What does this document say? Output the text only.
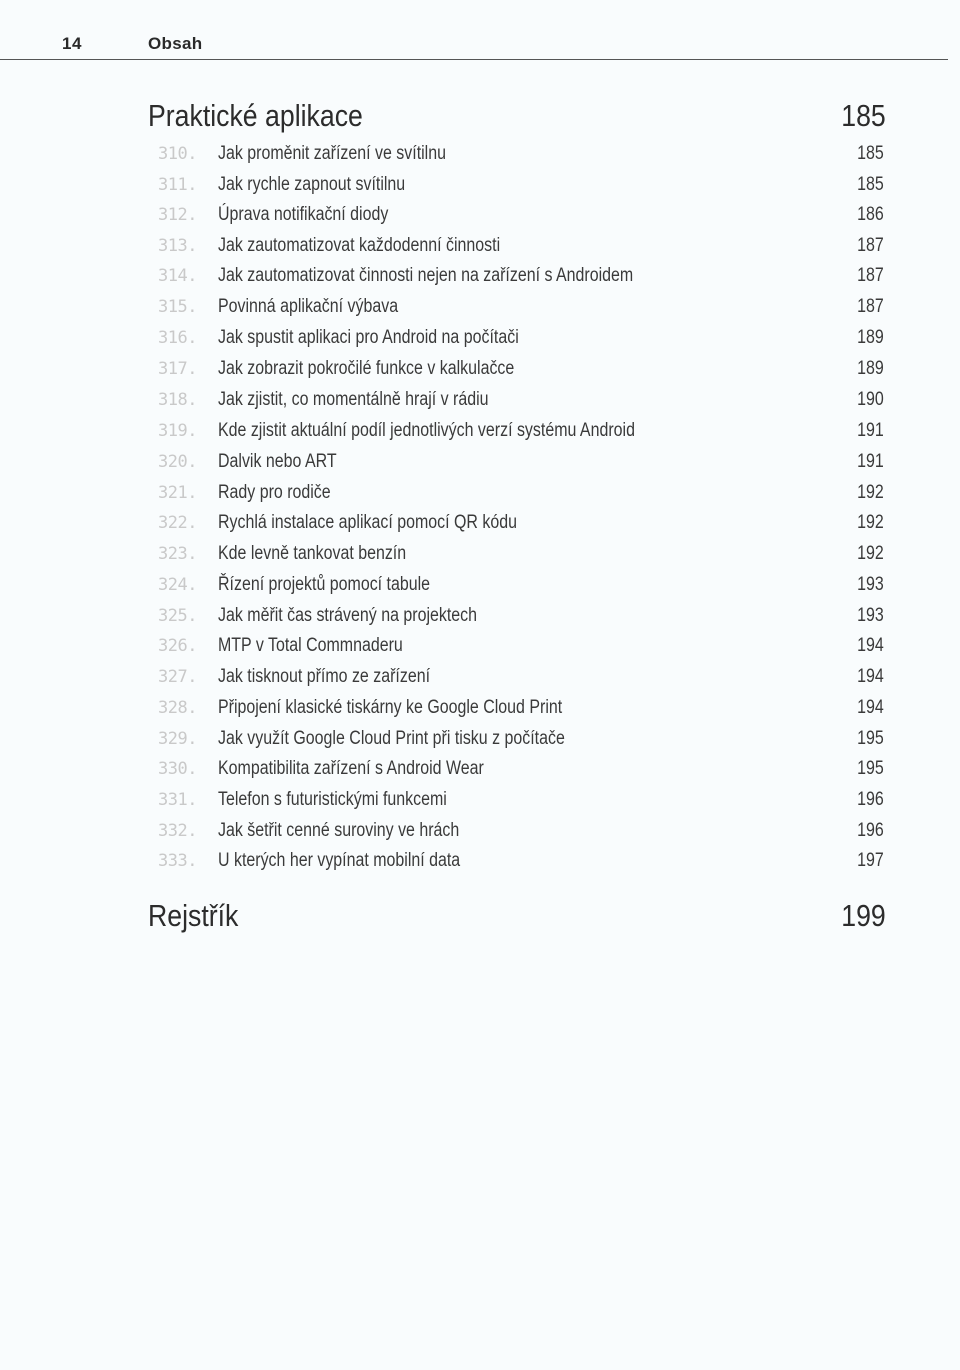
14	Obsah
Praktické aplikace	185
310.	Jak proměnit zařízení ve svítilnu	185
311.	Jak rychle zapnout svítilnu	185
312.	Úprava notifikační diody	186
313.	Jak zautomatizovat každodenní činnosti	187
314.	Jak zautomatizovat činnosti nejen na zařízení s Androidem	187
315.	Povinná aplikační výbava	187
316.	Jak spustit aplikaci pro Android na počítači	189
317.	Jak zobrazit pokročilé funkce v kalkulačce	189
318.	Jak zjistit, co momentálně hrají v rádiu	190
319.	Kde zjistit aktuální podíl jednotlivých verzí systému Android	191
320.	Dalvik nebo ART	191
321.	Rady pro rodiče	192
322.	Rychlá instalace aplikací pomocí QR kódu	192
323.	Kde levně tankovat benzín	192
324.	Řízení projektů pomocí tabule	193
325.	Jak měřit čas strávený na projektech	193
326.	MTP v Total Commnaderu	194
327.	Jak tisknout přímo ze zařízení	194
328.	Připojení klasické tiskárny ke Google Cloud Print	194
329.	Jak využít Google Cloud Print při tisku z počítače	195
330.	Kompatibilita zařízení s Android Wear	195
331.	Telefon s futuristickými funkcemi	196
332.	Jak šetřit cenné suroviny ve hrách	196
333.	U kterých her vypínat mobilní data	197
Rejstřík	199
